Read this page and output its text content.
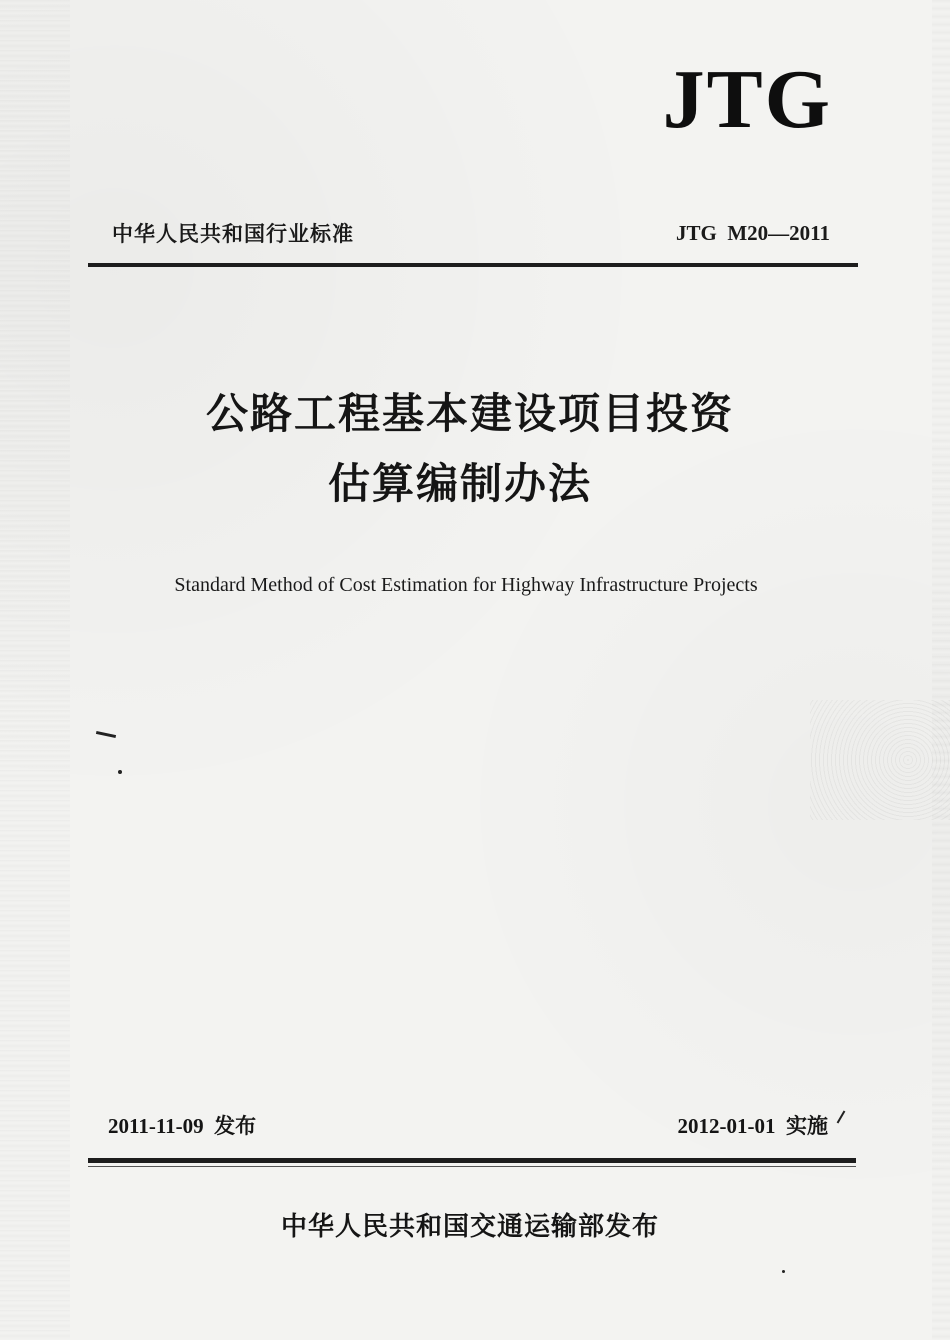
JTG
中华人民共和国行业标准	JTG  M20—2011
公路工程基本建设项目投资
估算编制办法
Standard Method of Cost Estimation for Highway Infrastructure Projects
2011-11-09  发布	2012-01-01  实施
中华人民共和国交通运输部发布
